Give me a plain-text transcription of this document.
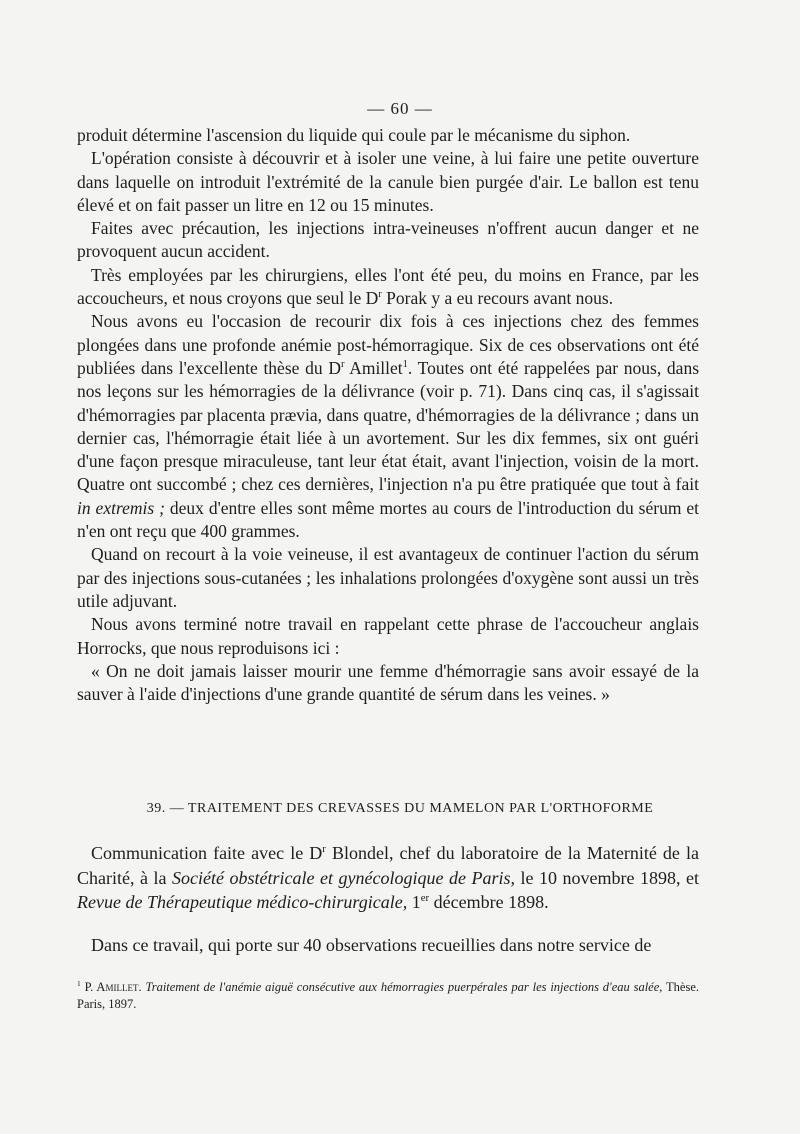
— 60 —

produit détermine l'ascension du liquide qui coule par le mécanisme du siphon.

L'opération consiste à découvrir et à isoler une veine, à lui faire une petite ouverture dans laquelle on introduit l'extrémité de la canule bien purgée d'air. Le ballon est tenu élevé et on fait passer un litre en 12 ou 15 minutes.

Faites avec précaution, les injections intra-veineuses n'offrent aucun danger et ne provoquent aucun accident.

Très employées par les chirurgiens, elles l'ont été peu, du moins en France, par les accoucheurs, et nous croyons que seul le $D^r$ Porak y a eu recours avant nous.

Nous avons eu l'occasion de recourir dix fois à ces injections chez des femmes plongées dans une profonde anémie post-hémorragique. Six de ces observations ont été publiées dans l'excellente thèse du $D^r$ Amillet$^1$. Toutes ont été rappelées par nous, dans nos leçons sur les hémorragies de la délivrance (voir p. 71). Dans cinq cas, il s'agissait d'hémorragies par placenta prævia, dans quatre, d'hémorragies de la délivrance ; dans un dernier cas, l'hémorragie était liée à un avortement. Sur les dix femmes, six ont guéri d'une façon presque miraculeuse, tant leur état était, avant l'injection, voisin de la mort. Quatre ont succombé ; chez ces dernières, l'injection n'a pu être pratiquée que tout à fait in extremis ; deux d'entre elles sont même mortes au cours de l'introduction du sérum et n'en ont reçu que 400 grammes.

Quand on recourt à la voie veineuse, il est avantageux de continuer l'action du sérum par des injections sous-cutanées ; les inhalations prolongées d'oxygène sont aussi un très utile adjuvant.

Nous avons terminé notre travail en rappelant cette phrase de l'accoucheur anglais Horrocks, que nous reproduisons ici :

« On ne doit jamais laisser mourir une femme d'hémorragie sans avoir essayé de la sauver à l'aide d'injections d'une grande quantité de sérum dans les veines. »

39. — TRAITEMENT DES CREVASSES DU MAMELON PAR L'ORTHOFORME

Communication faite avec le $D^r$ Blondel, chef du laboratoire de la Maternité de la Charité, à la Société obstétricale et gynécologique de Paris, le 10 novembre 1898, et Revue de Thérapeutique médico-chirurgicale, 1er décembre 1898.

Dans ce travail, qui porte sur 40 observations recueillies dans notre service de

$^1$ P. Amillet. Traitement de l'anémie aiguë consécutive aux hémorragies puerpérales par les injections d'eau salée, Thèse. Paris, 1897.
